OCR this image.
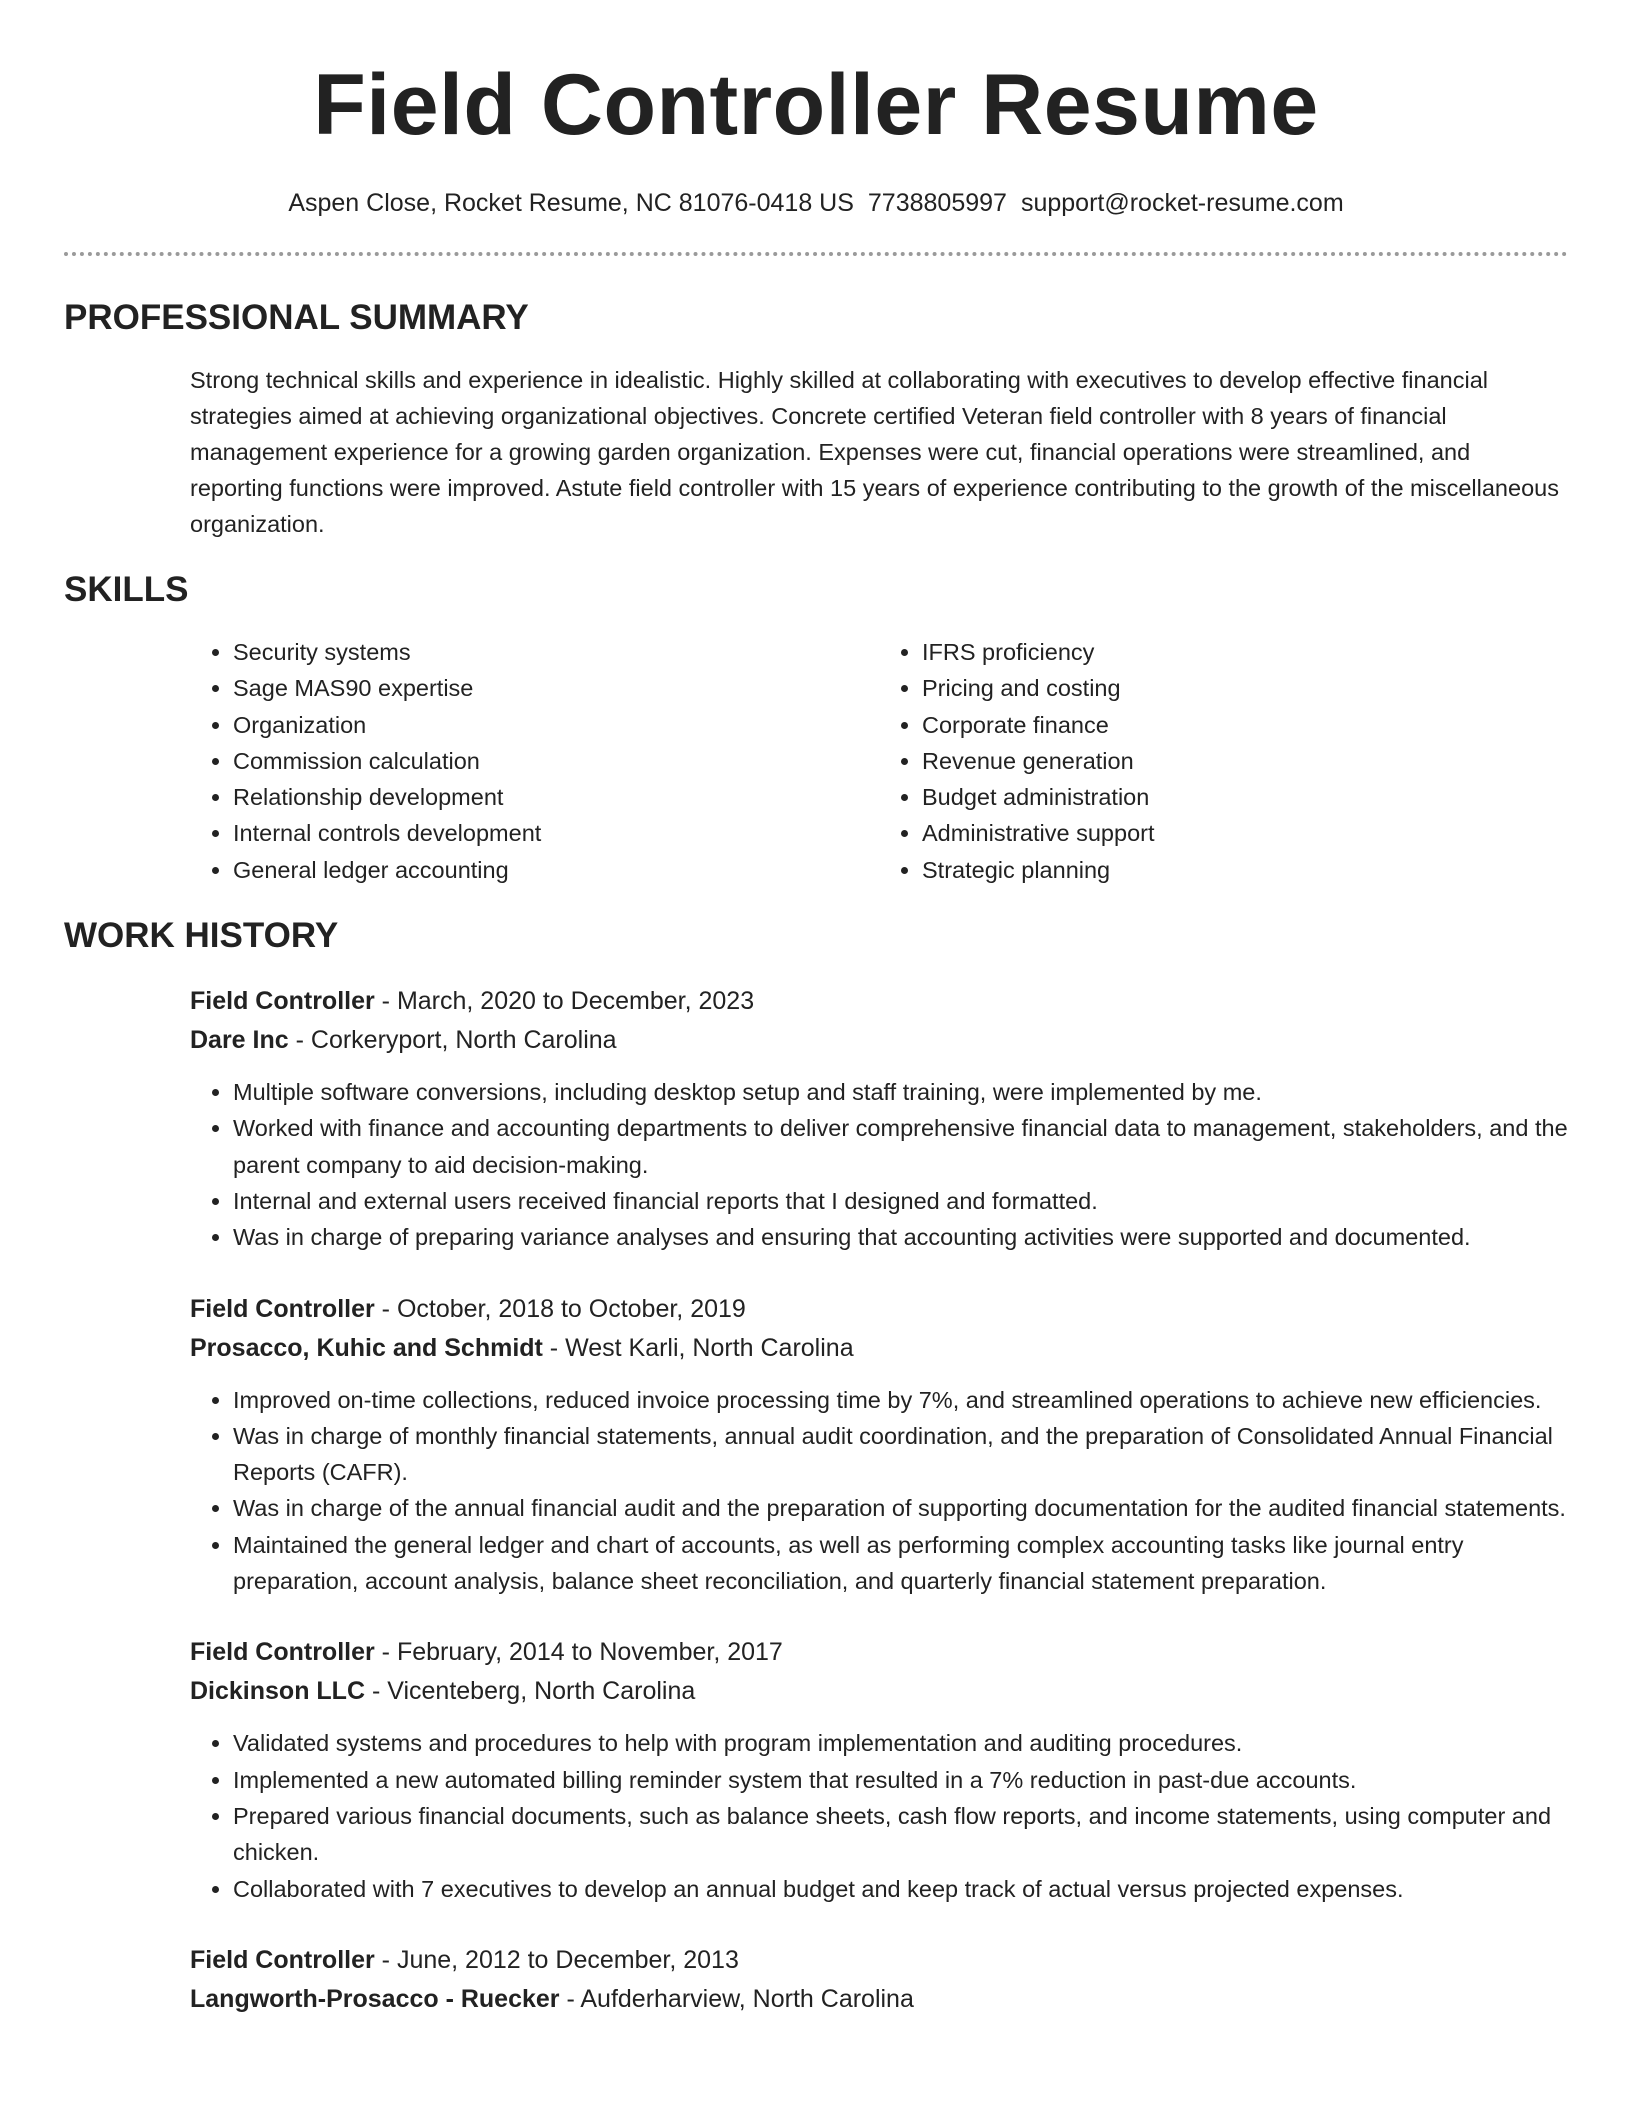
Field Controller Resume
Aspen Close, Rocket Resume, NC 81076-0418 US 7738805997 support@rocket-resume.com
PROFESSIONAL SUMMARY

Strong technical skills and experience in idealistic. Highly skilled at collaborating with executives to develop effective financial strategies aimed at achieving organizational objectives. Concrete certified Veteran field controller with 8 years of financial management experience for a growing garden organization. Expenses were cut, financial operations were streamlined, and reporting functions were improved. Astute field controller with 15 years of experience contributing to the growth of the miscellaneous organization.

SKILLS
• Security systems
• Sage MAS90 expertise
• Organization
• Commission calculation
• Relationship development
• Internal controls development
• General ledger accounting
• IFRS proficiency
• Pricing and costing
• Corporate finance
• Revenue generation
• Budget administration
• Administrative support
• Strategic planning
WORK HISTORY
Field Controller - March, 2020 to December, 2023
Dare Inc - Corkeryport, North Carolina
• Multiple software conversions, including desktop setup and staff training, were implemented by me.
• Worked with finance and accounting departments to deliver comprehensive financial data to management, stakeholders, and the parent company to aid decision-making.
• Internal and external users received financial reports that I designed and formatted.
• Was in charge of preparing variance analyses and ensuring that accounting activities were supported and documented.
Field Controller - October, 2018 to October, 2019
Prosacco, Kuhic and Schmidt - West Karli, North Carolina
• Improved on-time collections, reduced invoice processing time by 7%, and streamlined operations to achieve new efficiencies.
• Was in charge of monthly financial statements, annual audit coordination, and the preparation of Consolidated Annual Financial Reports (CAFR).
• Was in charge of the annual financial audit and the preparation of supporting documentation for the audited financial statements.
• Maintained the general ledger and chart of accounts, as well as performing complex accounting tasks like journal entry preparation, account analysis, balance sheet reconciliation, and quarterly financial statement preparation.
Field Controller - February, 2014 to November, 2017
Dickinson LLC - Vicenteberg, North Carolina
• Validated systems and procedures to help with program implementation and auditing procedures.
• Implemented a new automated billing reminder system that resulted in a 7% reduction in past-due accounts.
• Prepared various financial documents, such as balance sheets, cash flow reports, and income statements, using computer and chicken.
• Collaborated with 7 executives to develop an annual budget and keep track of actual versus projected expenses.
Field Controller - June, 2012 to December, 2013
Langworth-Prosacco - Ruecker - Aufderharview, North Carolina
